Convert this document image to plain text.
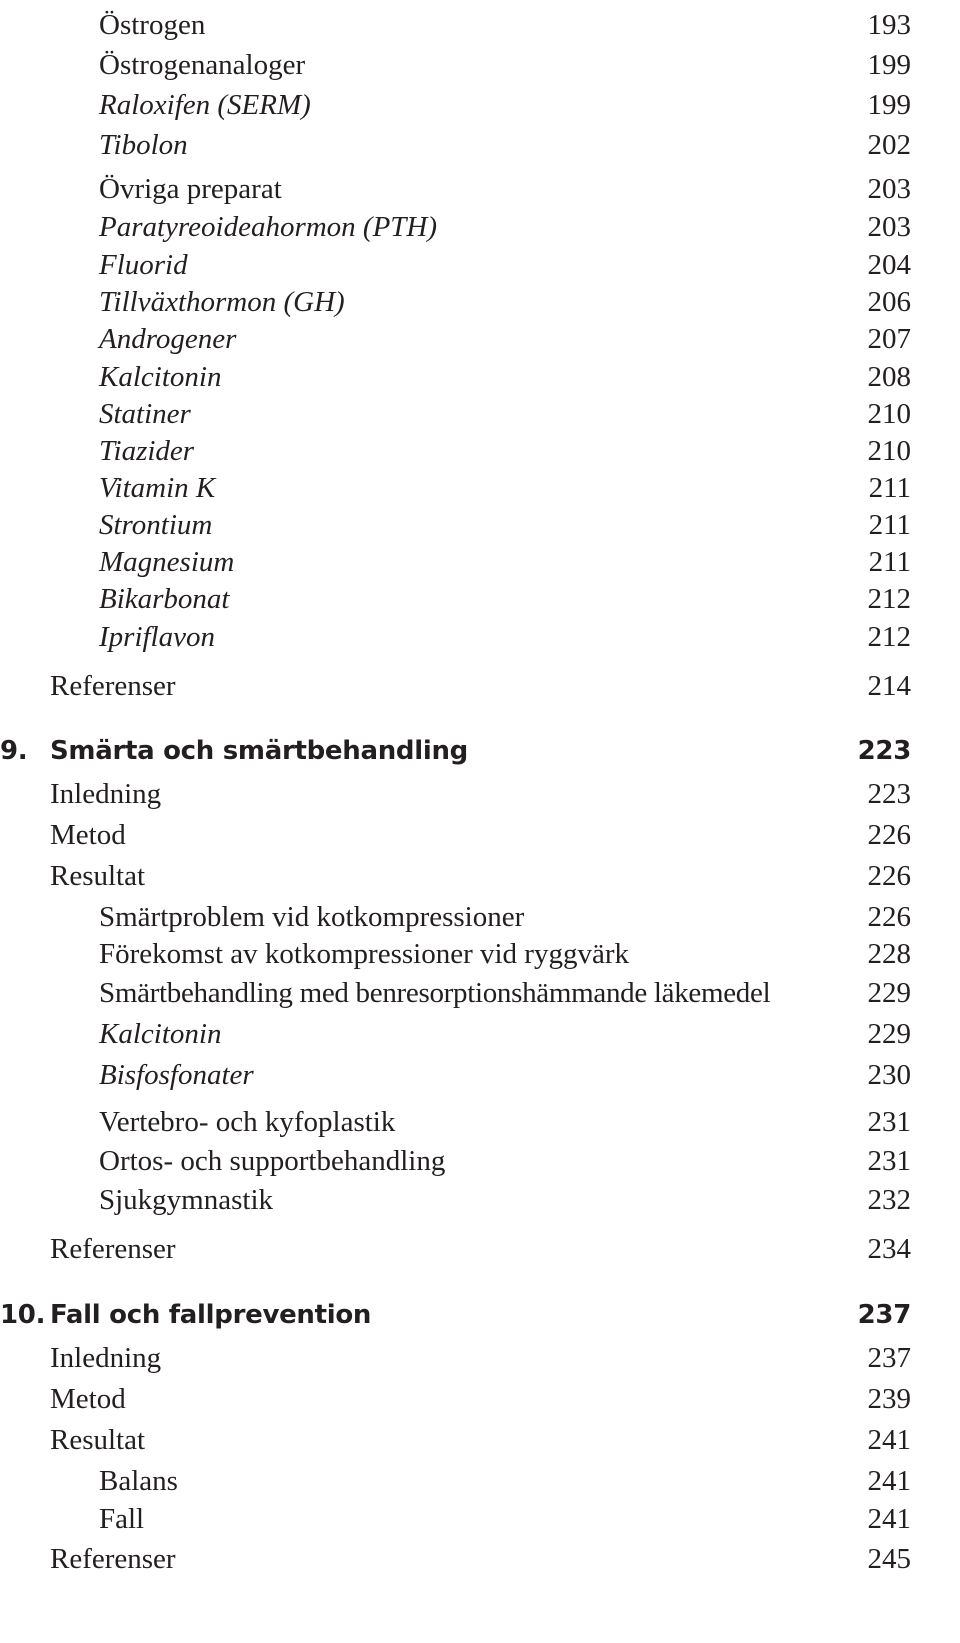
Östrogen	193
Östrogenanaloger	199
Raloxifen (SERM)	199
Tibolon	202
Övriga preparat	203
Paratyreoideahormon (PTH)	203
Fluorid	204
Tillväxthormon (GH)	206
Androgener	207
Kalcitonin	208
Statiner	210
Tiazider	210
Vitamin K	211
Strontium	211
Magnesium	211
Bikarbonat	212
Ipriflavon	212
Referenser	214
9. Smärta och smärtbehandling	223
Inledning	223
Metod	226
Resultat	226
Smärtproblem vid kotkompressioner	226
Förekomst av kotkompressioner vid ryggvärk	228
Smärtbehandling med benresorptionshämmande läkemedel	229
Kalcitonin	229
Bisfosfonater	230
Vertebro- och kyfoplastik	231
Ortos- och supportbehandling	231
Sjukgymnastik	232
Referenser	234
10. Fall och fallprevention	237
Inledning	237
Metod	239
Resultat	241
Balans	241
Fall	241
Referenser	245
